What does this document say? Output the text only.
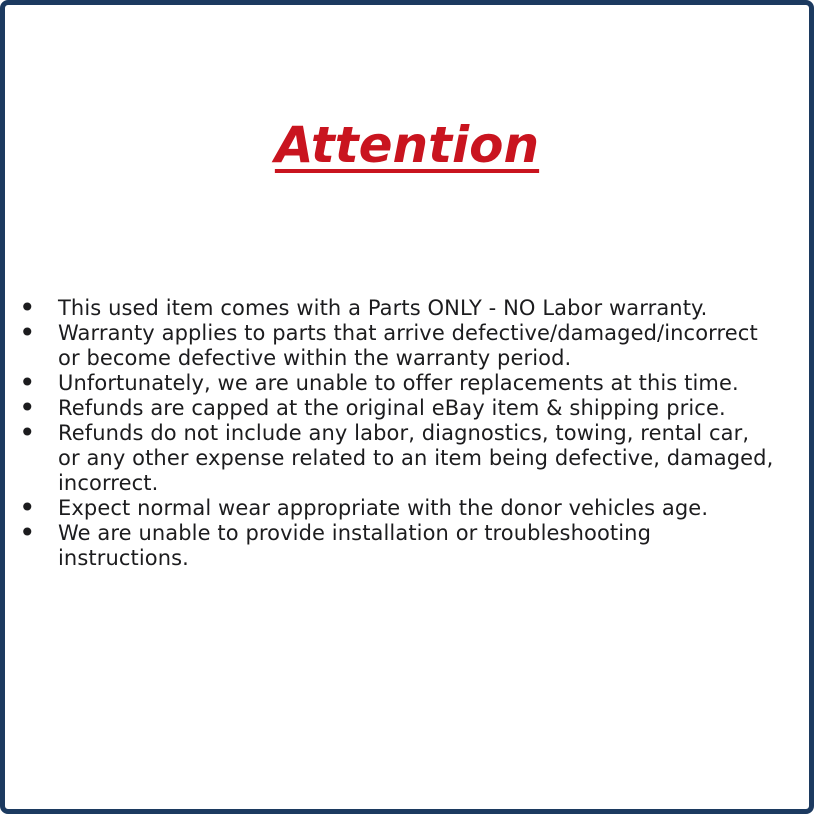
Attention
• This used item comes with a Parts ONLY - NO Labor warranty.
• Warranty applies to parts that arrive defective/damaged/incorrect
or become defective within the warranty period.
• Unfortunately, we are unable to offer replacements at this time.
• Refunds are capped at the original eBay item & shipping price.
• Refunds do not include any labor, diagnostics, towing, rental car,
or any other expense related to an item being defective, damaged,
incorrect.
• Expect normal wear appropriate with the donor vehicles age.
• We are unable to provide installation or troubleshooting
instructions.
